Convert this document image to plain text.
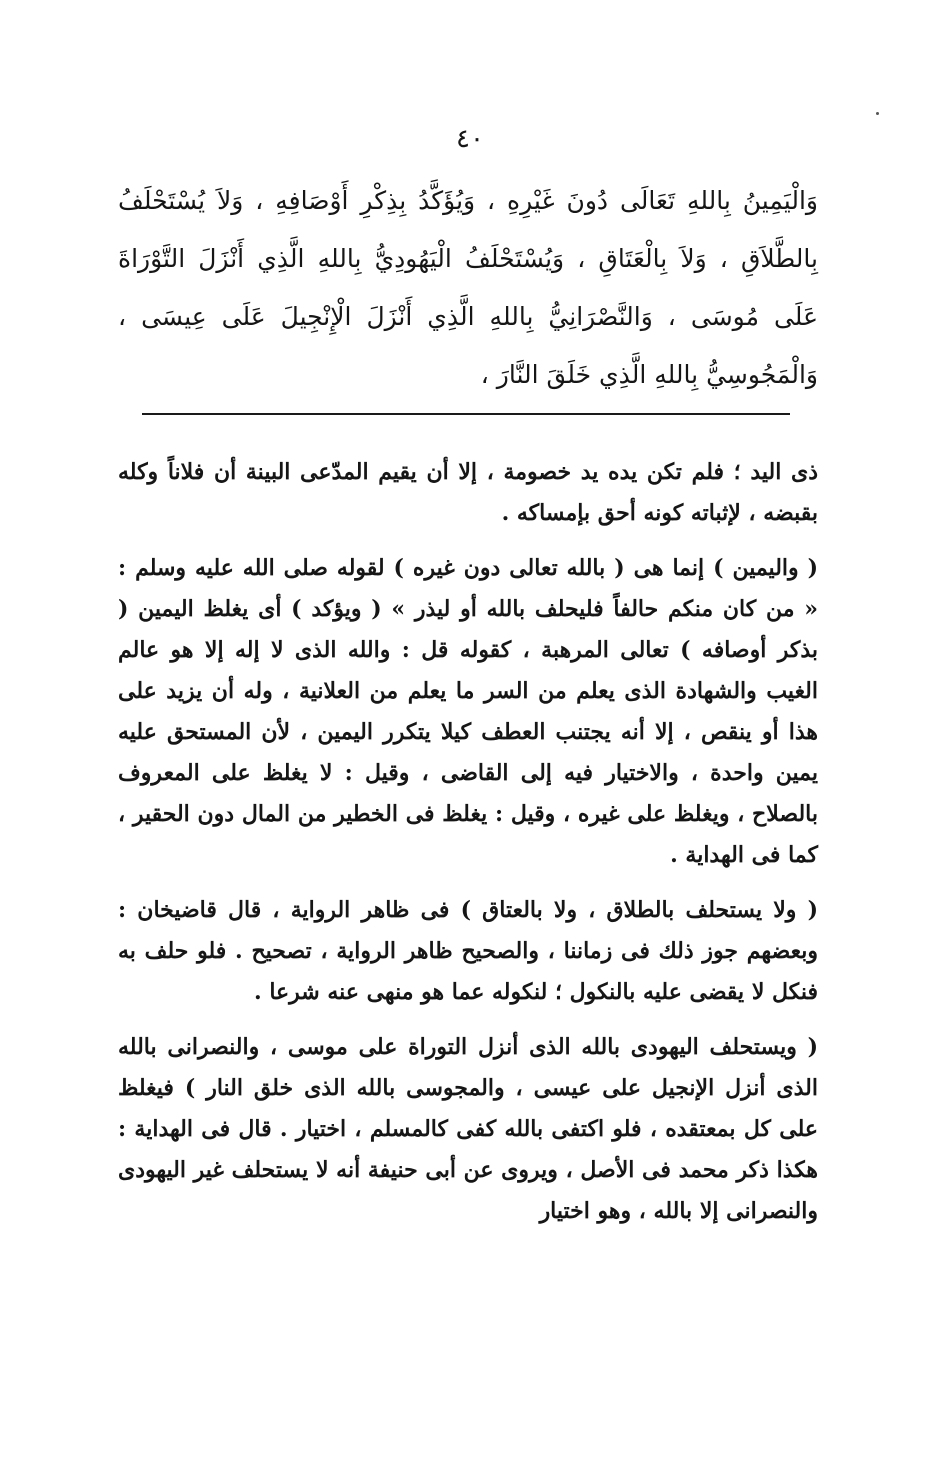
٤٠

وَالْيَمِينُ بِاللهِ تَعَالَى دُونَ غَيْرِهِ ، وَيُؤَكَّدُ بِذِكْرِ أَوْصَافِهِ ، وَلاَ يُسْتَحْلَفُ بِالطَّلاَقِ ، وَلاَ بِالْعَتَاقِ ، وَيُسْتَحْلَفُ الْيَهُودِيُّ بِاللهِ الَّذِي أَنْزَلَ التَّوْرَاةَ عَلَى مُوسَى ، وَالنَّصْرَانِيُّ بِاللهِ الَّذِي أَنْزَلَ الْإِنْجِيلَ عَلَى عِيسَى ، وَالْمَجُوسِيُّ بِاللهِ الَّذِي خَلَقَ النَّارَ ،

ذى اليد ؛ فلم تكن يده يد خصومة ، إلا أن يقيم المدّعى البينة أن فلاناً وكله بقبضه ، لإثباته كونه أحق بإمساكه .

( واليمين ) إنما هى ( بالله تعالى دون غيره ) لقوله صلى الله عليه وسلم : « من كان منكم حالفاً فليحلف بالله أو ليذر » ( ويؤكد ) أى يغلظ اليمين ( بذكر أوصافه ) تعالى المرهبة ، كقوله قل : والله الذى لا إله إلا هو عالم الغيب والشهادة الذى يعلم من السر ما يعلم من العلانية ، وله أن يزيد على هذا أو ينقص ، إلا أنه يجتنب العطف كيلا يتكرر اليمين ، لأن المستحق عليه يمين واحدة ، والاختيار فيه إلى القاضى ، وقيل : لا يغلظ على المعروف بالصلاح ، ويغلظ على غيره ، وقيل : يغلظ فى الخطير من المال دون الحقير ، كما فى الهداية .

( ولا يستحلف بالطلاق ، ولا بالعتاق ) فى ظاهر الرواية ، قال قاضيخان : وبعضهم جوز ذلك فى زماننا ، والصحيح ظاهر الرواية ، تصحيح . فلو حلف به فنكل لا يقضى عليه بالنكول ؛ لنكوله عما هو منهى عنه شرعا .

( ويستحلف اليهودى بالله الذى أنزل التوراة على موسى ، والنصرانى بالله الذى أنزل الإنجيل على عيسى ، والمجوسى بالله الذى خلق النار ) فيغلظ على كل بمعتقده ، فلو اكتفى بالله كفى كالمسلم ، اختيار . قال فى الهداية : هكذا ذكر محمد فى الأصل ، ويروى عن أبى حنيفة أنه لا يستحلف غير اليهودى والنصرانى إلا بالله ، وهو اختيار
